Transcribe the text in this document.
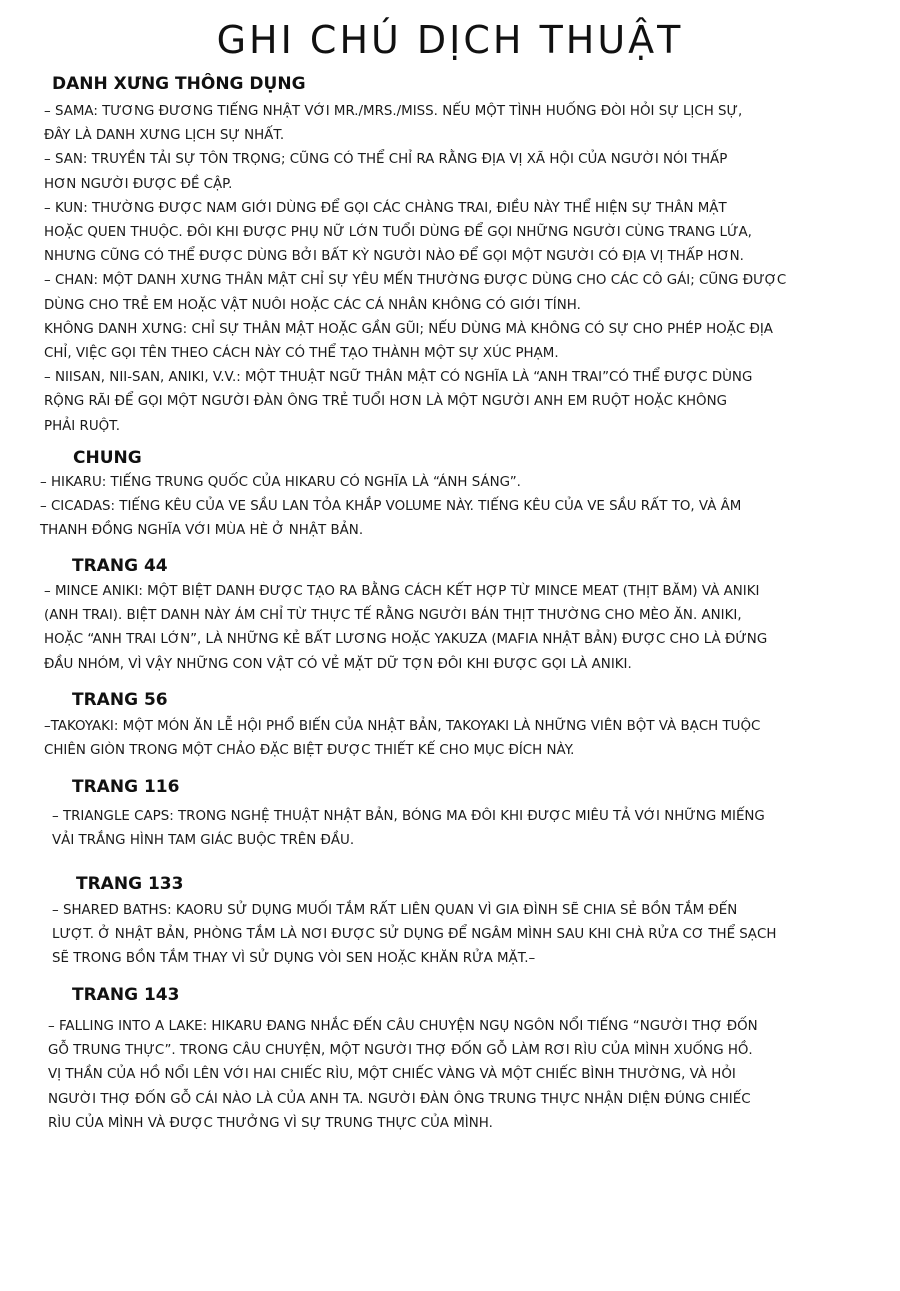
GHI CHÚ DỊCH THUẬT
DANH XƯNG THÔNG DỤNG
– SAMA: TƯƠNG ĐƯƠNG TIẾNG NHẬT VỚI MR./MRS./MISS. NẾU MỘT TÌNH HUỐNG ĐÒI HỎI SỰ LỊCH SỰ,
ĐÂY LÀ DANH XƯNG LỊCH SỰ NHẤT.
– SAN: TRUYỀN TẢI SỰ TÔN TRỌNG; CŨNG CÓ THỂ CHỈ RA RẰNG ĐỊA VỊ XÃ HỘI CỦA NGƯỜI NÓI THẤP
HƠN NGƯỜI ĐƯỢC ĐỀ CẬP.
– KUN: THƯỜNG ĐƯỢC NAM GIỚI DÙNG ĐỂ GỌI CÁC CHÀNG TRAI, ĐIỀU NÀY THỂ HIỆN SỰ THÂN MẬT
HOẶC QUEN THUỘC. ĐÔI KHI ĐƯỢC PHỤ NỮ LỚN TUỔI DÙNG ĐỂ GỌI NHỮNG NGƯỜI CÙNG TRANG LỨA,
NHƯNG CŨNG CÓ THỂ ĐƯỢC DÙNG BỞI BẤT KỲ NGƯỜI NÀO ĐỂ GỌI MỘT NGƯỜI CÓ ĐỊA VỊ THẤP HƠN.
– CHAN: MỘT DANH XƯNG THÂN MẬT CHỈ SỰ YÊU MẾN THƯỜNG ĐƯỢC DÙNG CHO CÁC CÔ GÁI; CŨNG ĐƯỢC
DÙNG CHO TRẺ EM HOẶC VẬT NUÔI HOẶC CÁC CÁ NHÂN KHÔNG CÓ GIỚI TÍNH.
KHÔNG DANH XƯNG: CHỈ SỰ THÂN MẬT HOẶC GẦN GŨI; NẾU DÙNG MÀ KHÔNG CÓ SỰ CHO PHÉP HOẶC ĐỊA
CHỈ, VIỆC GỌI TÊN THEO CÁCH NÀY CÓ THỂ TẠO THÀNH MỘT SỰ XÚC PHẠM.
– NIISAN, NII-SAN, ANIKI, V.V.: MỘT THUẬT NGỮ THÂN MẬT CÓ NGHĨA LÀ “ANH TRAI”CÓ THỂ ĐƯỢC DÙNG
RỘNG RÃI ĐỂ GỌI MỘT NGƯỜI ĐÀN ÔNG TRẺ TUỔI HƠN LÀ MỘT NGƯỜI ANH EM RUỘT HOẶC KHÔNG
PHẢI RUỘT.
CHUNG
– HIKARU: TIẾNG TRUNG QUỐC CỦA HIKARU CÓ NGHĨA LÀ “ÁNH SÁNG”.
– CICADAS: TIẾNG KÊU CỦA VE SẦU LAN TỎA KHẮP VOLUME NÀY. TIẾNG KÊU CỦA VE SẦU RẤT TO, VÀ ÂM
THANH ĐỒNG NGHĨA VỚI MÙA HÈ Ở NHẬT BẢN.
TRANG 44
– MINCE ANIKI: MỘT BIỆT DANH ĐƯỢC TẠO RA BẰNG CÁCH KẾT HỢP TỪ MINCE MEAT (THỊT BĂM) VÀ ANIKI
(ANH TRAI). BIỆT DANH NÀY ÁM CHỈ TỪ THỰC TẾ RẰNG NGƯỜI BÁN THỊT THƯỜNG CHO MÈO ĂN. ANIKI,
HOẶC “ANH TRAI LỚN”, LÀ NHỮNG KẺ BẤT LƯƠNG HOẶC YAKUZA (MAFIA NHẬT BẢN) ĐƯỢC CHO LÀ ĐỨNG
ĐẦU NHÓM, VÌ VẬY NHỮNG CON VẬT CÓ VẺ MẶT DỮ TỢN ĐÔI KHI ĐƯỢC GỌI LÀ ANIKI.
TRANG 56
–TAKOYAKI: MỘT MÓN ĂN LỄ HỘI PHỔ BIẾN CỦA NHẬT BẢN, TAKOYAKI LÀ NHỮNG VIÊN BỘT VÀ BẠCH TUỘC
CHIÊN GIÒN TRONG MỘT CHẢO ĐẶC BIỆT ĐƯỢC THIẾT KẾ CHO MỤC ĐÍCH NÀY.
TRANG 116
– TRIANGLE CAPS: TRONG NGHỆ THUẬT NHẬT BẢN, BÓNG MA ĐÔI KHI ĐƯỢC MIÊU TẢ VỚI NHỮNG MIẾNG
VẢI TRẮNG HÌNH TAM GIÁC BUỘC TRÊN ĐẦU.
TRANG 133
– SHARED BATHS: KAORU SỬ DỤNG MUỐI TẮM RẤT LIÊN QUAN VÌ GIA ĐÌNH SẼ CHIA SẺ BỒN TẮM ĐẾN
LƯỢT. Ở NHẬT BẢN, PHÒNG TẮM LÀ NƠI ĐƯỢC SỬ DỤNG ĐỂ NGÂM MÌNH SAU KHI CHÀ RỬA CƠ THỂ SẠCH
SẼ TRONG BỒN TẮM THAY VÌ SỬ DỤNG VÒI SEN HOẶC KHĂN RỬA MẶT.–
TRANG 143
– FALLING INTO A LAKE: HIKARU ĐANG NHẮC ĐẾN CÂU CHUYỆN NGỤ NGÔN NỔI TIẾNG “NGƯỜI THỢ ĐỐN
GỖ TRUNG THỰC”. TRONG CÂU CHUYỆN, MỘT NGƯỜI THỢ ĐỐN GỖ LÀM RƠI RÌU CỦA MÌNH XUỐNG HỒ.
VỊ THẦN CỦA HỒ NỔI LÊN VỚI HAI CHIẾC RÌU, MỘT CHIẾC VÀNG VÀ MỘT CHIẾC BÌNH THƯỜNG, VÀ HỎI
NGƯỜI THỢ ĐỐN GỖ CÁI NÀO LÀ CỦA ANH TA. NGƯỜI ĐÀN ÔNG TRUNG THỰC NHẬN DIỆN ĐÚNG CHIẾC
RÌU CỦA MÌNH VÀ ĐƯỢC THƯỞNG VÌ SỰ TRUNG THỰC CỦA MÌNH.
